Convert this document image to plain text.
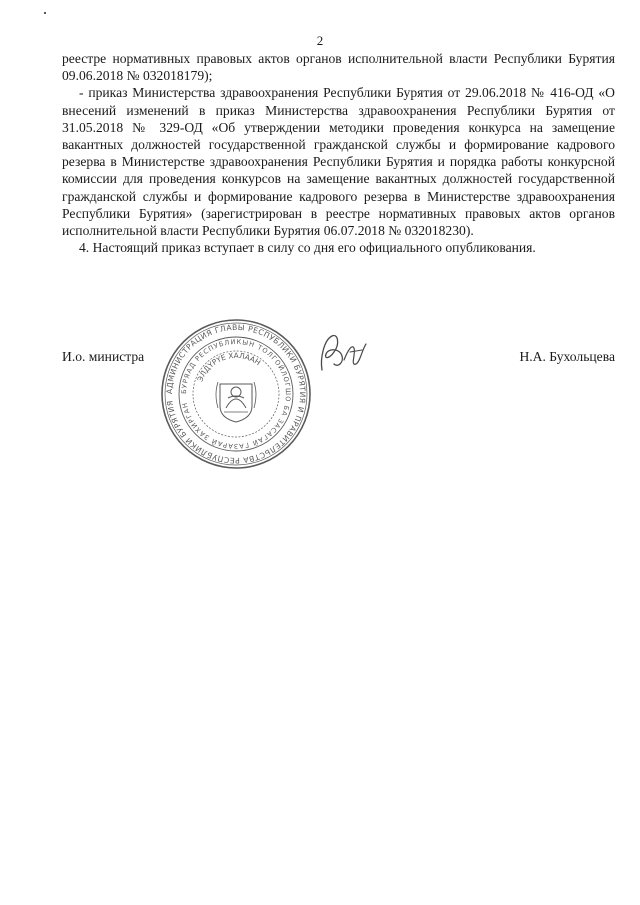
2

реестре нормативных правовых актов органов исполнительной власти Республики Бурятия 09.06.2018 № 032018179);

- приказ Министерства здравоохранения Республики Бурятия от 29.06.2018 № 416-ОД «О внесений изменений в приказ Министерства здравоохранения Республики Бурятия от 31.05.2018 № 329-ОД «Об утверждении методики проведения конкурса на замещение вакантных должностей государственной гражданской службы и формирование кадрового резерва в Министерстве здравоохранения Республики Бурятия и порядка работы конкурсной комиссии для проведения конкурсов на замещение вакантных должностей государственной гражданской службы и формирование кадрового резерва в Министерстве здравоохранения Республики Бурятия» (зарегистрирован в реестре нормативных правовых актов органов исполнительной власти Республики Бурятия 06.07.2018 № 032018230).

4. Настоящий приказ вступает в силу со дня его официального опубликования.

И.о. министра	Н.А. Бухольцева
АДМИНИСТРАЦИЯ ГЛАВЫ РЕСПУБЛИКИ БУРЯТИЯ И ПРАВИТЕЛЬСТВА РЕСПУБЛИКИ БУРЯТИЯ
БУРЯАД РЕСПУБЛИКЫН ТОЛГОЙЛОГШО БА ЗАСАГАЙ ГАЗАРАЙ ЗАХИРГАН
ЭЛДҮРҮЕ ХАЛААН
